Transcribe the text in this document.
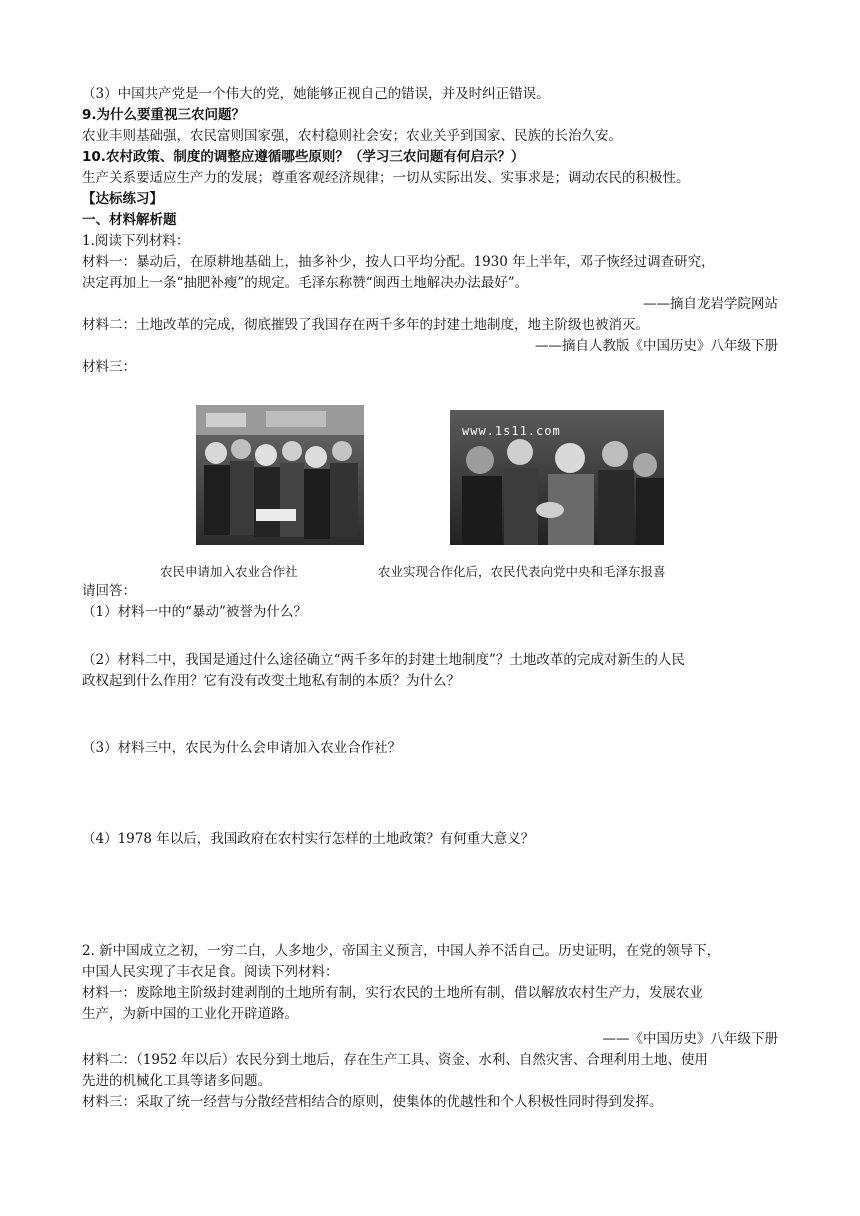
（3）中国共产党是一个伟大的党，她能够正视自己的错误，并及时纠正错误。
9.为什么要重视三农问题？
农业丰则基础强，农民富则国家强，农村稳则社会安；农业关乎到国家、民族的长治久安。
10.农村政策、制度的调整应遵循哪些原则？（学习三农问题有何启示？）
生产关系要适应生产力的发展；尊重客观经济规律；一切从实际出发、实事求是；调动农民的积极性。
【达标练习】
一、材料解析题
1.阅读下列材料：
材料一：暴动后，在原耕地基础上，抽多补少，按人口平均分配。1930 年上半年，邓子恢经过调查研究，
决定再加上一条“抽肥补瘦”的规定。毛泽东称赞“闽西土地解决办法最好”。
——摘自龙岩学院网站
材料二：土地改革的完成，彻底摧毁了我国存在两千多年的封建土地制度，地主阶级也被消灭。
——摘自人教版《中国历史》八年级下册
材料三：
www.1s11.com
农民申请加入农业合作社	农业实现合作化后，农民代表向党中央和毛泽东报喜
请回答：
（1）材料一中的“暴动”被誉为什么？
（2）材料二中，我国是通过什么途径确立“两千多年的封建土地制度”？土地改革的完成对新生的人民
政权起到什么作用？它有没有改变土地私有制的本质？为什么？
（3）材料三中，农民为什么会申请加入农业合作社？
（4）1978 年以后，我国政府在农村实行怎样的土地政策？有何重大意义？
2. 新中国成立之初，一穷二白，人多地少，帝国主义预言，中国人养不活自己。历史证明，在党的领导下，
中国人民实现了丰衣足食。阅读下列材料：
材料一：废除地主阶级封建剥削的土地所有制，实行农民的土地所有制，借以解放农村生产力，发展农业
生产，为新中国的工业化开辟道路。
——《中国历史》八年级下册
材料二：（1952 年以后）农民分到土地后，存在生产工具、资金、水利、自然灾害、合理利用土地、使用
先进的机械化工具等诸多问题。
材料三：采取了统一经营与分散经营相结合的原则，使集体的优越性和个人积极性同时得到发挥。
